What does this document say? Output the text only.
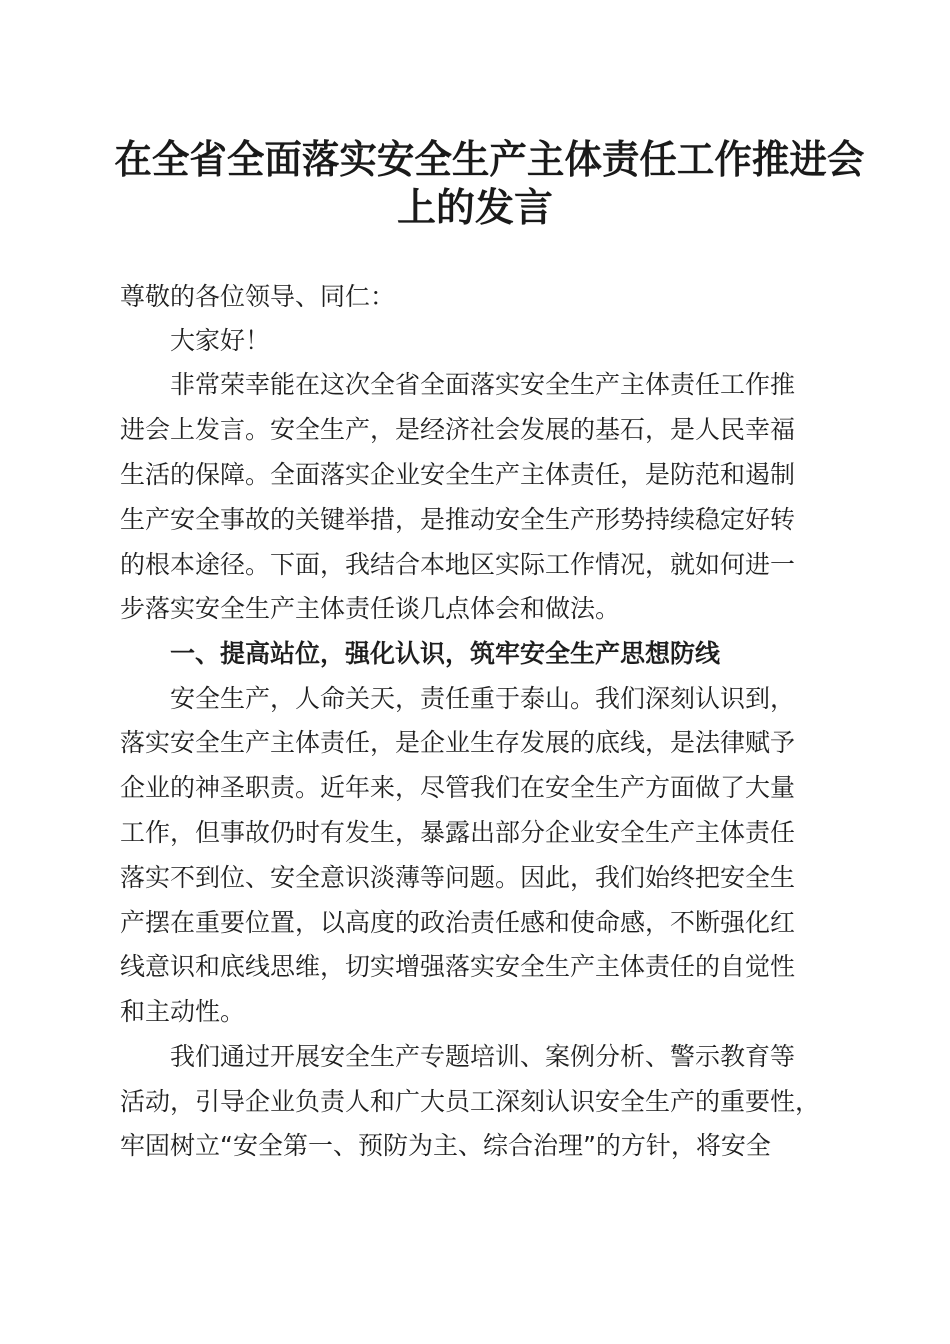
在全省全面落实安全生产主体责任工作推进会
上的发言
尊敬的各位领导、同仁：
大家好！
非常荣幸能在这次全省全面落实安全生产主体责任工作推
进会上发言。安全生产，是经济社会发展的基石，是人民幸福
生活的保障。全面落实企业安全生产主体责任，是防范和遏制
生产安全事故的关键举措，是推动安全生产形势持续稳定好转
的根本途径。下面，我结合本地区实际工作情况，就如何进一
步落实安全生产主体责任谈几点体会和做法。
一、提高站位，强化认识，筑牢安全生产思想防线
安全生产，人命关天，责任重于泰山。我们深刻认识到，
落实安全生产主体责任，是企业生存发展的底线，是法律赋予
企业的神圣职责。近年来，尽管我们在安全生产方面做了大量
工作，但事故仍时有发生，暴露出部分企业安全生产主体责任
落实不到位、安全意识淡薄等问题。因此，我们始终把安全生
产摆在重要位置，以高度的政治责任感和使命感，不断强化红
线意识和底线思维，切实增强落实安全生产主体责任的自觉性
和主动性。
我们通过开展安全生产专题培训、案例分析、警示教育等
活动，引导企业负责人和广大员工深刻认识安全生产的重要性，
牢固树立“安全第一、预防为主、综合治理”的方针，将安全
